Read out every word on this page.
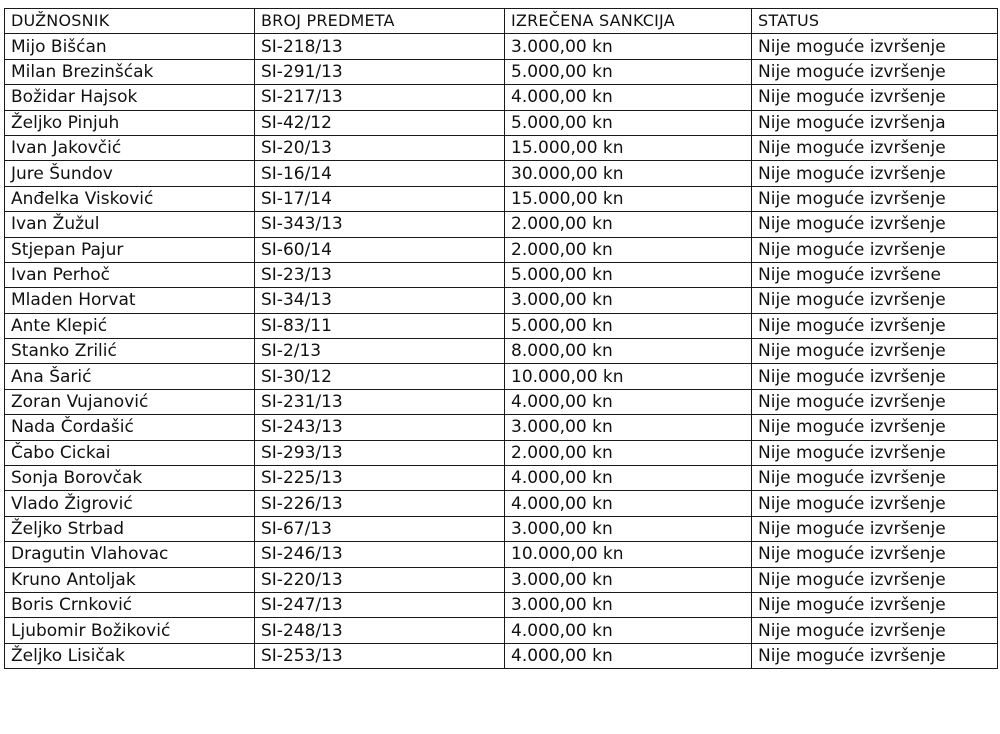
DUŽNOSNIK	BROJ PREDMETA	IZREČENA SANKCIJA	STATUS
Mijo Bišćan	SI-218/13	3.000,00 kn	Nije moguće izvršenje
Milan Brezinšćak	SI-291/13	5.000,00 kn	Nije moguće izvršenje
Božidar Hajsok	SI-217/13	4.000,00 kn	Nije moguće izvršenje
Željko Pinjuh	SI-42/12	5.000,00 kn	Nije moguće izvršenja
Ivan Jakovčić	SI-20/13	15.000,00 kn	Nije moguće izvršenje
Jure Šundov	SI-16/14	30.000,00 kn	Nije moguće izvršenje
Anđelka Visković	SI-17/14	15.000,00 kn	Nije moguće izvršenje
Ivan Žužul	SI-343/13	2.000,00 kn	Nije moguće izvršenje
Stjepan Pajur	SI-60/14	2.000,00 kn	Nije moguće izvršenje
Ivan Perhoč	SI-23/13	5.000,00 kn	Nije moguće izvršene
Mladen Horvat	SI-34/13	3.000,00 kn	Nije moguće izvršenje
Ante Klepić	SI-83/11	5.000,00 kn	Nije moguće izvršenje
Stanko Zrilić	SI-2/13	8.000,00 kn	Nije moguće izvršenje
Ana Šarić	SI-30/12	10.000,00 kn	Nije moguće izvršenje
Zoran Vujanović	SI-231/13	4.000,00 kn	Nije moguće izvršenje
Nada Čordašić	SI-243/13	3.000,00 kn	Nije moguće izvršenje
Čabo Cickai	SI-293/13	2.000,00 kn	Nije moguće izvršenje
Sonja Borovčak	SI-225/13	4.000,00 kn	Nije moguće izvršenje
Vlado Žigrović	SI-226/13	4.000,00 kn	Nije moguće izvršenje
Željko Strbad	SI-67/13	3.000,00 kn	Nije moguće izvršenje
Dragutin Vlahovac	SI-246/13	10.000,00 kn	Nije moguće izvršenje
Kruno Antoljak	SI-220/13	3.000,00 kn	Nije moguće izvršenje
Boris Crnković	SI-247/13	3.000,00 kn	Nije moguće izvršenje
Ljubomir Božiković	SI-248/13	4.000,00 kn	Nije moguće izvršenje
Željko Lisičak	SI-253/13	4.000,00 kn	Nije moguće izvršenje
